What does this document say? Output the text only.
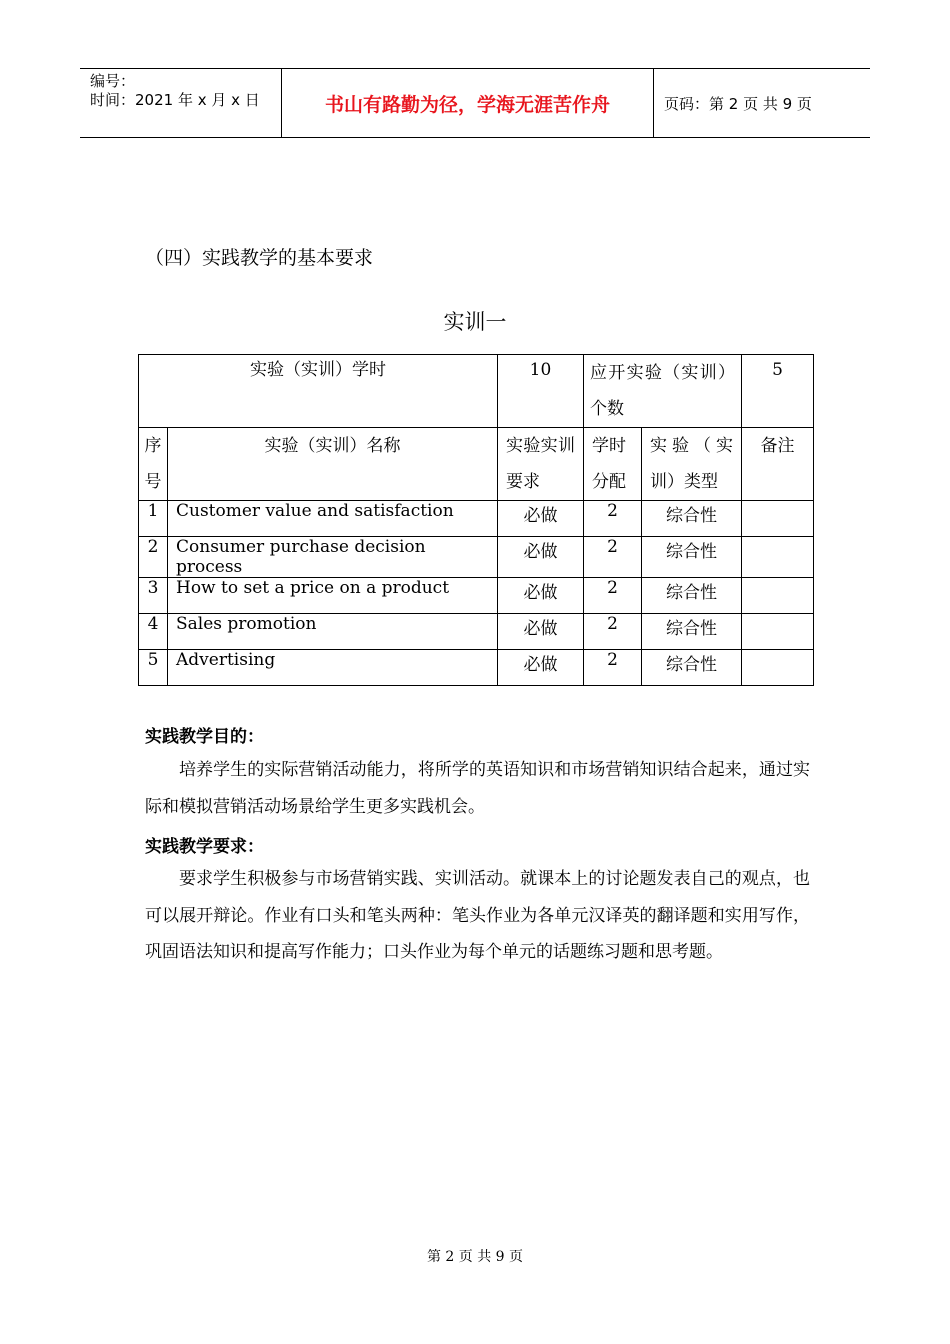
编号：
时间：2021 年 x 月 x 日	书山有路勤为径，学海无涯苦作舟	页码：第 2 页 共 9 页
（四）实践教学的基本要求
实训一
实验（实训）学时		10	应开实验（实训）个数		5
序号	实验（实训）名称	实验实训要求	学时分配	实验（实训）类型	备注
1	Customer value and satisfaction	必做	2	综合性	
2	Consumer purchase decision process	必做	2	综合性	
3	How to set a price on a product	必做	2	综合性	
4	Sales promotion	必做	2	综合性	
5	Advertising	必做	2	综合性	
实践教学目的：
培养学生的实际营销活动能力，将所学的英语知识和市场营销知识结合起来，通过实际和模拟营销活动场景给学生更多实践机会。
实践教学要求：
要求学生积极参与市场营销实践、实训活动。就课本上的讨论题发表自己的观点，也可以展开辩论。作业有口头和笔头两种：笔头作业为各单元汉译英的翻译题和实用写作，巩固语法知识和提高写作能力；口头作业为每个单元的话题练习题和思考题。
第 2 页 共 9 页
